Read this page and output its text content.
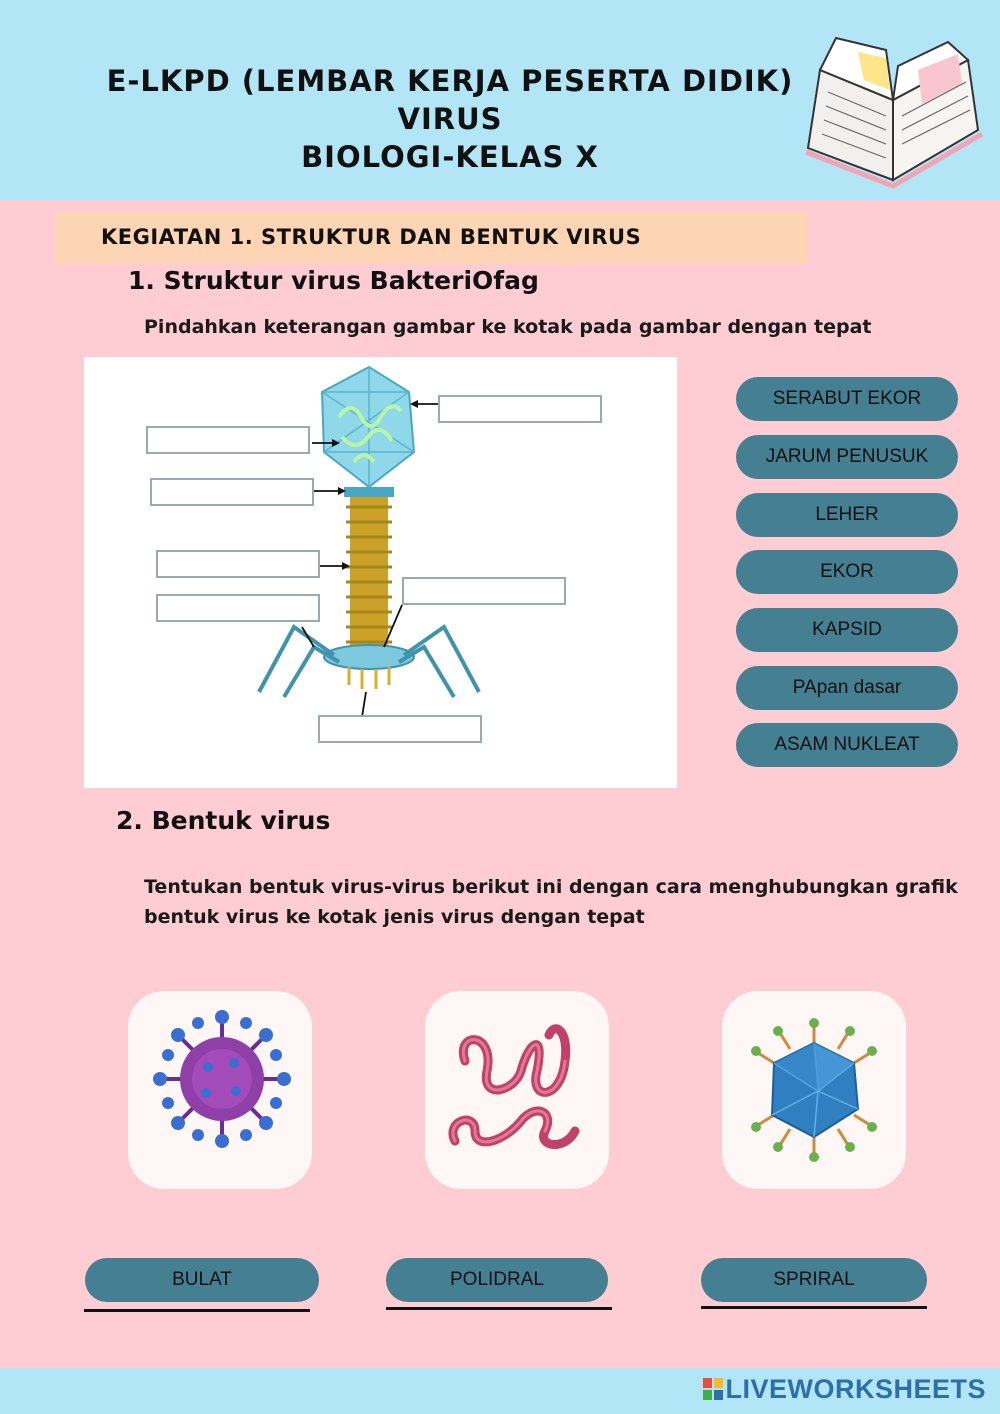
E-LKPD (LEMBAR KERJA PESERTA DIDIK)
VIRUS
BIOLOGI-KELAS X
KEGIATAN 1. STRUKTUR DAN BENTUK VIRUS
1. Struktur virus BakteriOfag
Pindahkan keterangan gambar ke kotak pada gambar dengan tepat
SERABUT EKOR
JARUM PENUSUK
LEHER
EKOR
KAPSID
PApan dasar
ASAM NUKLEAT
2. Bentuk virus
Tentukan bentuk virus-virus berikut ini dengan cara menghubungkan grafik
bentuk virus ke kotak jenis virus dengan tepat
BULAT	POLIDRAL	SPRIRAL
LIVEWORKSHEETS
